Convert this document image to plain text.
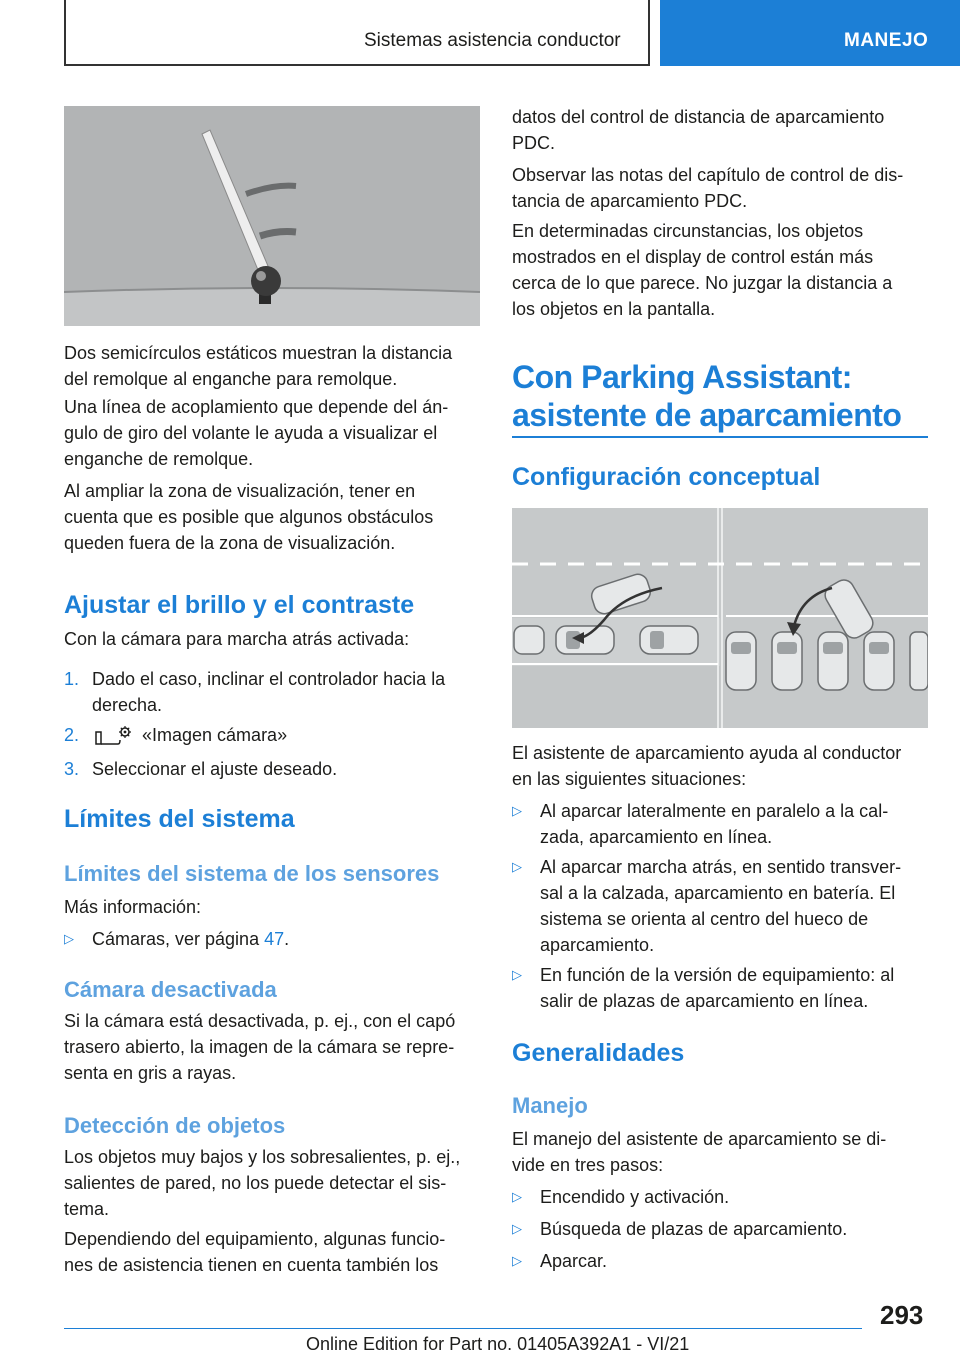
Sistemas asistencia conductor	MANEJO

Dos semicírculos estáticos muestran la distancia

del remolque al enganche para remolque.

Una línea de acoplamiento que depende del án-

gulo de giro del volante le ayuda a visualizar el

enganche de remolque.

Al ampliar la zona de visualización, tener en

cuenta que es posible que algunos obstáculos

queden fuera de la zona de visualización.

Ajustar el brillo y el contraste

Con la cámara para marcha atrás activada:

1. Dado el caso, inclinar el controlador hacia la
derecha.
2.	«Imagen cámara»
3. Seleccionar el ajuste deseado.
Límites del sistema
Límites del sistema de los sensores

Más información:

▷ Cámaras, ver página 47.
Cámara desactivada

Si la cámara está desactivada, p. ej., con el capó

trasero abierto, la imagen de la cámara se repre-

senta en gris a rayas.

Detección de objetos

Los objetos muy bajos y los sobresalientes, p. ej.,

salientes de pared, no los puede detectar el sis-

tema.

Dependiendo del equipamiento, algunas funcio-

nes de asistencia tienen en cuenta también los

datos del control de distancia de aparcamiento

PDC.

Observar las notas del capítulo de control de dis-

tancia de aparcamiento PDC.

En determinadas circunstancias, los objetos

mostrados en el display de control están más

cerca de lo que parece. No juzgar la distancia a

los objetos en la pantalla.

Con Parking Assistant:
asistente de aparcamiento
Configuración conceptual

El asistente de aparcamiento ayuda al conductor

en las siguientes situaciones:

▷ Al aparcar lateralmente en paralelo a la cal-
zada, aparcamiento en línea.
▷ Al aparcar marcha atrás, en sentido transver-
sal a la calzada, aparcamiento en batería. El
sistema se orienta al centro del hueco de
aparcamiento.
▷ En función de la versión de equipamiento: al
salir de plazas de aparcamiento en línea.
Generalidades
Manejo

El manejo del asistente de aparcamiento se di-

vide en tres pasos:

▷ Encendido y activación.
▷ Búsqueda de plazas de aparcamiento.
▷ Aparcar.
293
Online Edition for Part no. 01405A392A1 - VI/21
